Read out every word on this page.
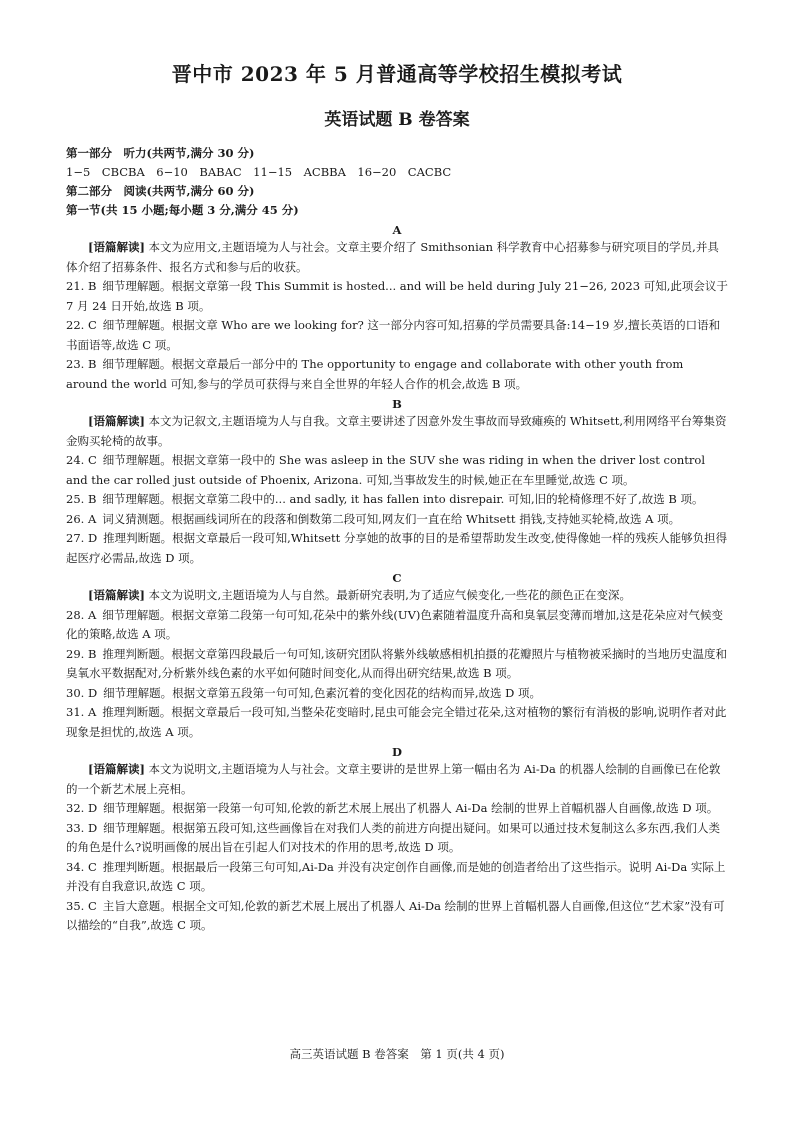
晋中市 2023 年 5 月普通高等学校招生模拟考试
英语试题 B 卷答案

第一部分　听力(共两节,满分 30 分)

1−5　CBCBA　6−10　BABAC　11−15　ACBBA　16−20　CACBC

第二部分　阅读(共两节,满分 60 分)

第一节(共 15 小题;每小题 3 分,满分 45 分)

A

[语篇解读] 本文为应用文,主题语境为人与社会。文章主要介绍了 Smithsonian 科学教育中心招募参与研究项目的学员,并具体介绍了招募条件、报名方式和参与后的收获。

21. B 细节理解题。根据文章第一段 This Summit is hosted... and will be held during July 21−26, 2023 可知,此项会议于 7 月 24 日开始,故选 B 项。

22. C 细节理解题。根据文章 Who are we looking for? 这一部分内容可知,招募的学员需要具备:14−19 岁,擅长英语的口语和书面语等,故选 C 项。

23. B 细节理解题。根据文章最后一部分中的 The opportunity to engage and collaborate with other youth from around the world 可知,参与的学员可获得与来自全世界的年轻人合作的机会,故选 B 项。

B

[语篇解读] 本文为记叙文,主题语境为人与自我。文章主要讲述了因意外发生事故而导致瘫痪的 Whitsett,利用网络平台筹集资金购买轮椅的故事。

24. C 细节理解题。根据文章第一段中的 She was asleep in the SUV she was riding in when the driver lost control and the car rolled just outside of Phoenix, Arizona. 可知,当事故发生的时候,她正在车里睡觉,故选 C 项。

25. B 细节理解题。根据文章第二段中的... and sadly, it has fallen into disrepair. 可知,旧的轮椅修理不好了,故选 B 项。

26. A 词义猜测题。根据画线词所在的段落和倒数第二段可知,网友们一直在给 Whitsett 捐钱,支持她买轮椅,故选 A 项。

27. D 推理判断题。根据文章最后一段可知,Whitsett 分享她的故事的目的是希望帮助发生改变,使得像她一样的残疾人能够负担得起医疗必需品,故选 D 项。

C

[语篇解读] 本文为说明文,主题语境为人与自然。最新研究表明,为了适应气候变化,一些花的颜色正在变深。

28. A 细节理解题。根据文章第二段第一句可知,花朵中的紫外线(UV)色素随着温度升高和臭氧层变薄而增加,这是花朵应对气候变化的策略,故选 A 项。

29. B 推理判断题。根据文章第四段最后一句可知,该研究团队将紫外线敏感相机拍摄的花瓣照片与植物被采摘时的当地历史温度和臭氧水平数据配对,分析紫外线色素的水平如何随时间变化,从而得出研究结果,故选 B 项。

30. D 细节理解题。根据文章第五段第一句可知,色素沉着的变化因花的结构而异,故选 D 项。

31. A 推理判断题。根据文章最后一段可知,当整朵花变暗时,昆虫可能会完全错过花朵,这对植物的繁衍有消极的影响,说明作者对此现象是担忧的,故选 A 项。

D

[语篇解读] 本文为说明文,主题语境为人与社会。文章主要讲的是世界上第一幅由名为 Ai-Da 的机器人绘制的自画像已在伦敦的一个新艺术展上亮相。

32. D 细节理解题。根据第一段第一句可知,伦敦的新艺术展上展出了机器人 Ai-Da 绘制的世界上首幅机器人自画像,故选 D 项。

33. D 细节理解题。根据第五段可知,这些画像旨在对我们人类的前进方向提出疑问。如果可以通过技术复制这么多东西,我们人类的角色是什么?说明画像的展出旨在引起人们对技术的作用的思考,故选 D 项。

34. C 推理判断题。根据最后一段第三句可知,Ai-Da 并没有决定创作自画像,而是她的创造者给出了这些指示。说明 Ai-Da 实际上并没有自我意识,故选 C 项。

35. C 主旨大意题。根据全文可知,伦敦的新艺术展上展出了机器人 Ai-Da 绘制的世界上首幅机器人自画像,但这位“艺术家”没有可以描绘的“自我”,故选 C 项。

高三英语试题 B 卷答案　第 1 页(共 4 页)
